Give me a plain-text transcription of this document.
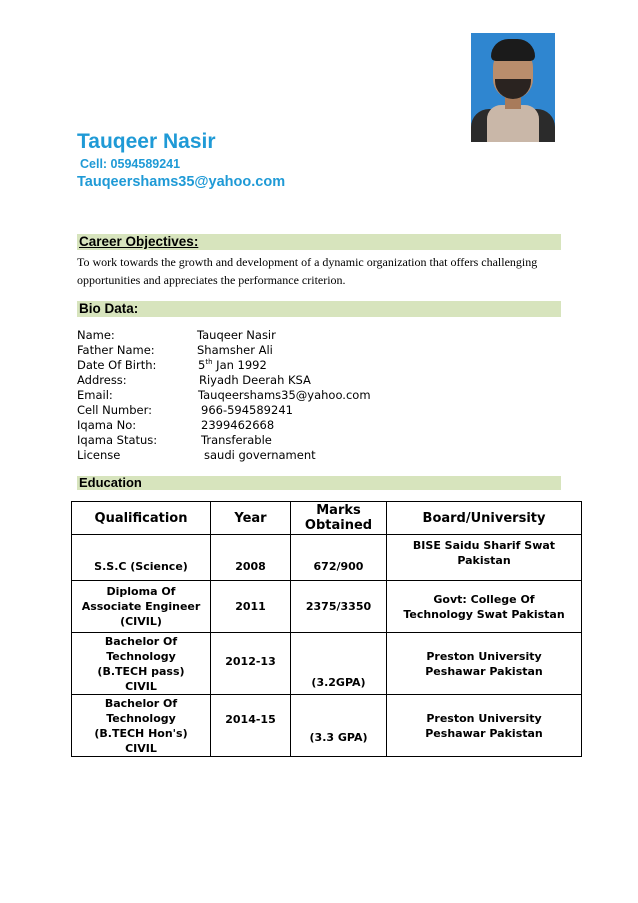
Tauqeer Nasir
Cell: 0594589241
Tauqeershams35@yahoo.com
Career Objectives:
To work towards the growth and development of a dynamic organization that offers challenging
opportunities and appreciates the performance criterion.
Bio Data:
Name:	Tauqeer Nasir
Father Name:	Shamsher Ali
Date Of Birth:	5th Jan 1992
Address:	Riyadh Deerah KSA
Email:	Tauqeershams35@yahoo.com
Cell Number:	966-594589241
Iqama No:	2399462668
Iqama Status:	Transferable
License	saudi governament
Education
Qualification	Year	Marks Obtained	Board/University
S.S.C (Science)	2008	672/900	BISE Saidu Sharif Swat Pakistan
Diploma Of Associate Engineer (CIVIL)	2011	2375/3350	Govt: College Of Technology Swat Pakistan
Bachelor Of Technology (B.TECH pass) CIVIL	2012-13	(3.2GPA)	Preston University Peshawar Pakistan
Bachelor Of Technology (B.TECH Hon's) CIVIL	2014-15	(3.3 GPA)	Preston University Peshawar Pakistan
